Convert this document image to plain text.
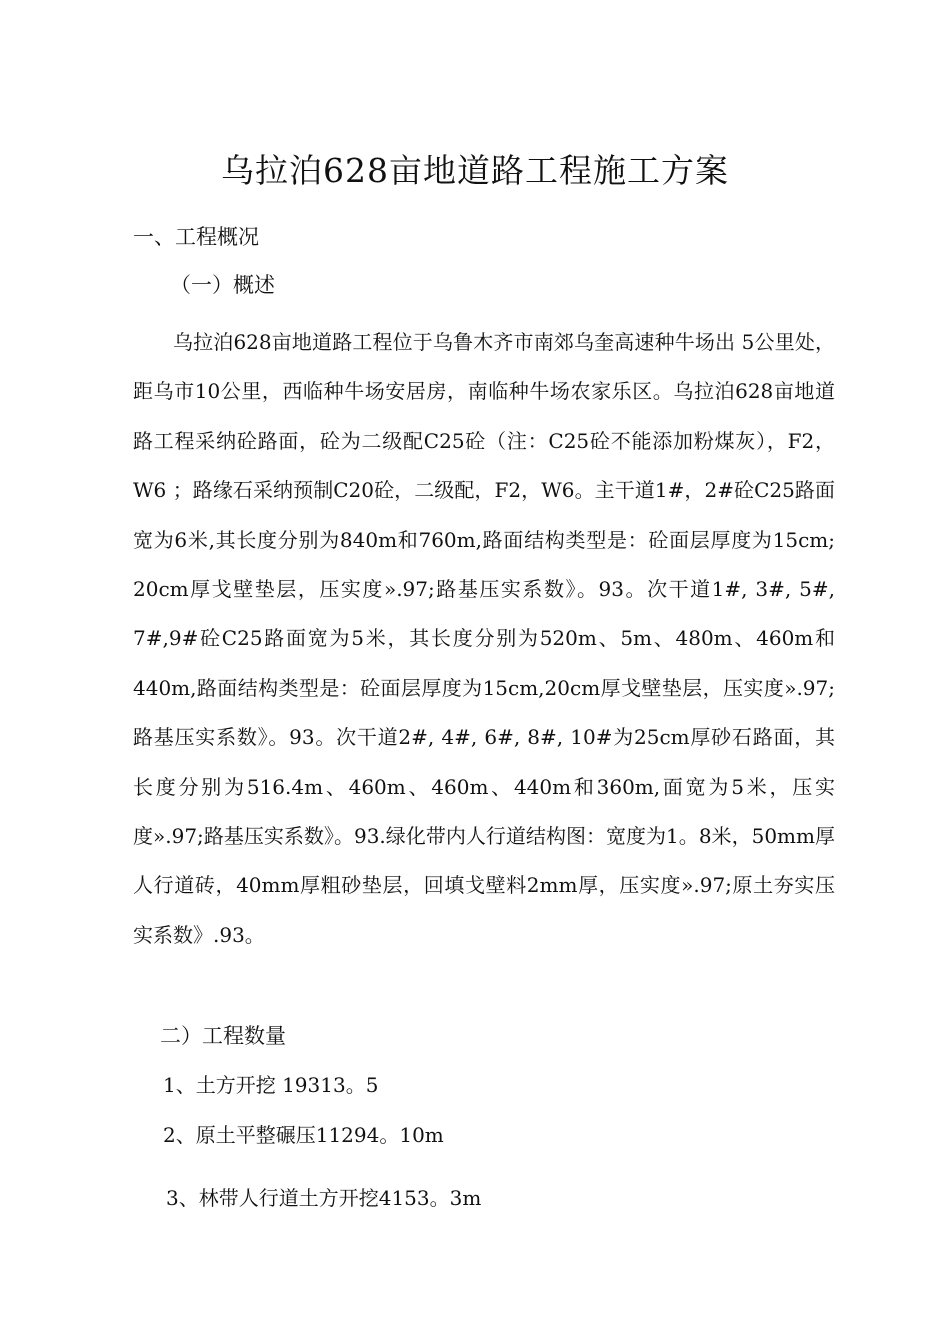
乌拉泊628亩地道路工程施工方案
一、工程概况
（一）概述
乌拉泊628亩地道路工程位于乌鲁木齐市南郊乌奎高速种牛场出 5公里处，距乌市10公里，西临种牛场安居房，南临种牛场农家乐区。乌拉泊628亩地道路工程采纳砼路面，砼为二级配C25砼（注：C25砼不能添加粉煤灰），F2，W6 ；路缘石采纳预制C20砼，二级配，F2，W6。主干道1#，2#砼C25路面宽为6米,其长度分别为840m和760m,路面结构类型是：砼面层厚度为15cm; 20cm厚戈壁垫层，压实度».97;路基压实系数》。93。次干道1#, 3#, 5#, 7#,9#砼C25路面宽为5米，其长度分别为520m、5m、480m、460m和440m,路面结构类型是：砼面层厚度为15cm,20cm厚戈壁垫层，压实度».97;路基压实系数》。93。次干道2#, 4#, 6#, 8#, 10#为25cm厚砂石路面，其长度分别为516.4m、460m、460m、440m和360m,面宽为5米，压实度».97;路基压实系数》。93.绿化带内人行道结构图：宽度为1。8米，50mm厚人行道砖，40mm厚粗砂垫层，回填戈壁料2mm厚，压实度».97;原土夯实压实系数》.93。
二）工程数量
1、土方开挖 19313。5
2、原土平整碾压11294。10m
3、林带人行道土方开挖4153。3m
